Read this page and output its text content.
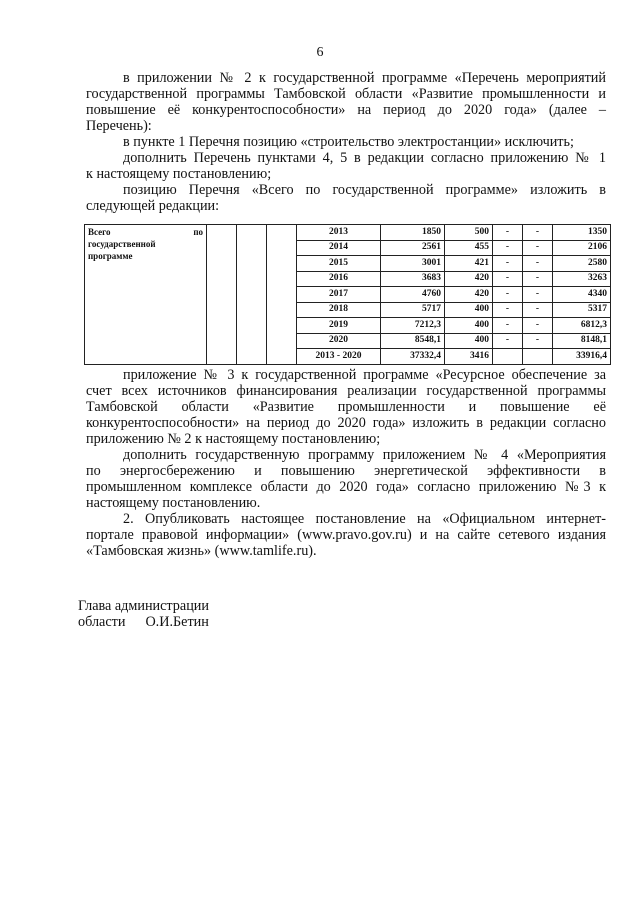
6

в приложении № 2 к государственной программе «Перечень мероприятий

государственной программы Тамбовской области «Развитие промышленности и

повышение её конкурентоспособности» на период до 2020 года» (далее –

Перечень):

в пункте 1 Перечня позицию «строительство электростанции» исключить;

дополнить Перечень пунктами 4, 5 в редакции согласно приложению № 1

к настоящему постановлению;

позицию Перечня «Всего по государственной программе» изложить в

следующей редакции:

Всего по
государственной
программе				2013	1850	500	-	-	1350
				2014	2561	455	-	-	2106
				2015	3001	421	-	-	2580
				2016	3683	420	-	-	3263
				2017	4760	420	-	-	4340
				2018	5717	400	-	-	5317
				2019	7212,3	400	-	-	6812,3
				2020	8548,1	400	-	-	8148,1
				2013 - 2020	37332,4	3416			33916,4

приложение № 3 к государственной программе «Ресурсное обеспечение за

счет всех источников финансирования реализации государственной программы

Тамбовской области «Развитие промышленности и повышение её

конкурентоспособности» на период до 2020 года» изложить в редакции согласно

приложению № 2 к настоящему постановлению;

дополнить государственную программу приложением № 4 «Мероприятия

по энергосбережению и повышению энергетической эффективности в

промышленном комплексе области до 2020 года» согласно приложению №3 к

настоящему постановлению.

2. Опубликовать настоящее постановление на «Официальном интернет-

портале правовой информации» (www.pravo.gov.ru) и на сайте сетевого издания

«Тамбовская жизнь» (www.tamlife.ru).

Глава администрации

области О.И.Бетин
